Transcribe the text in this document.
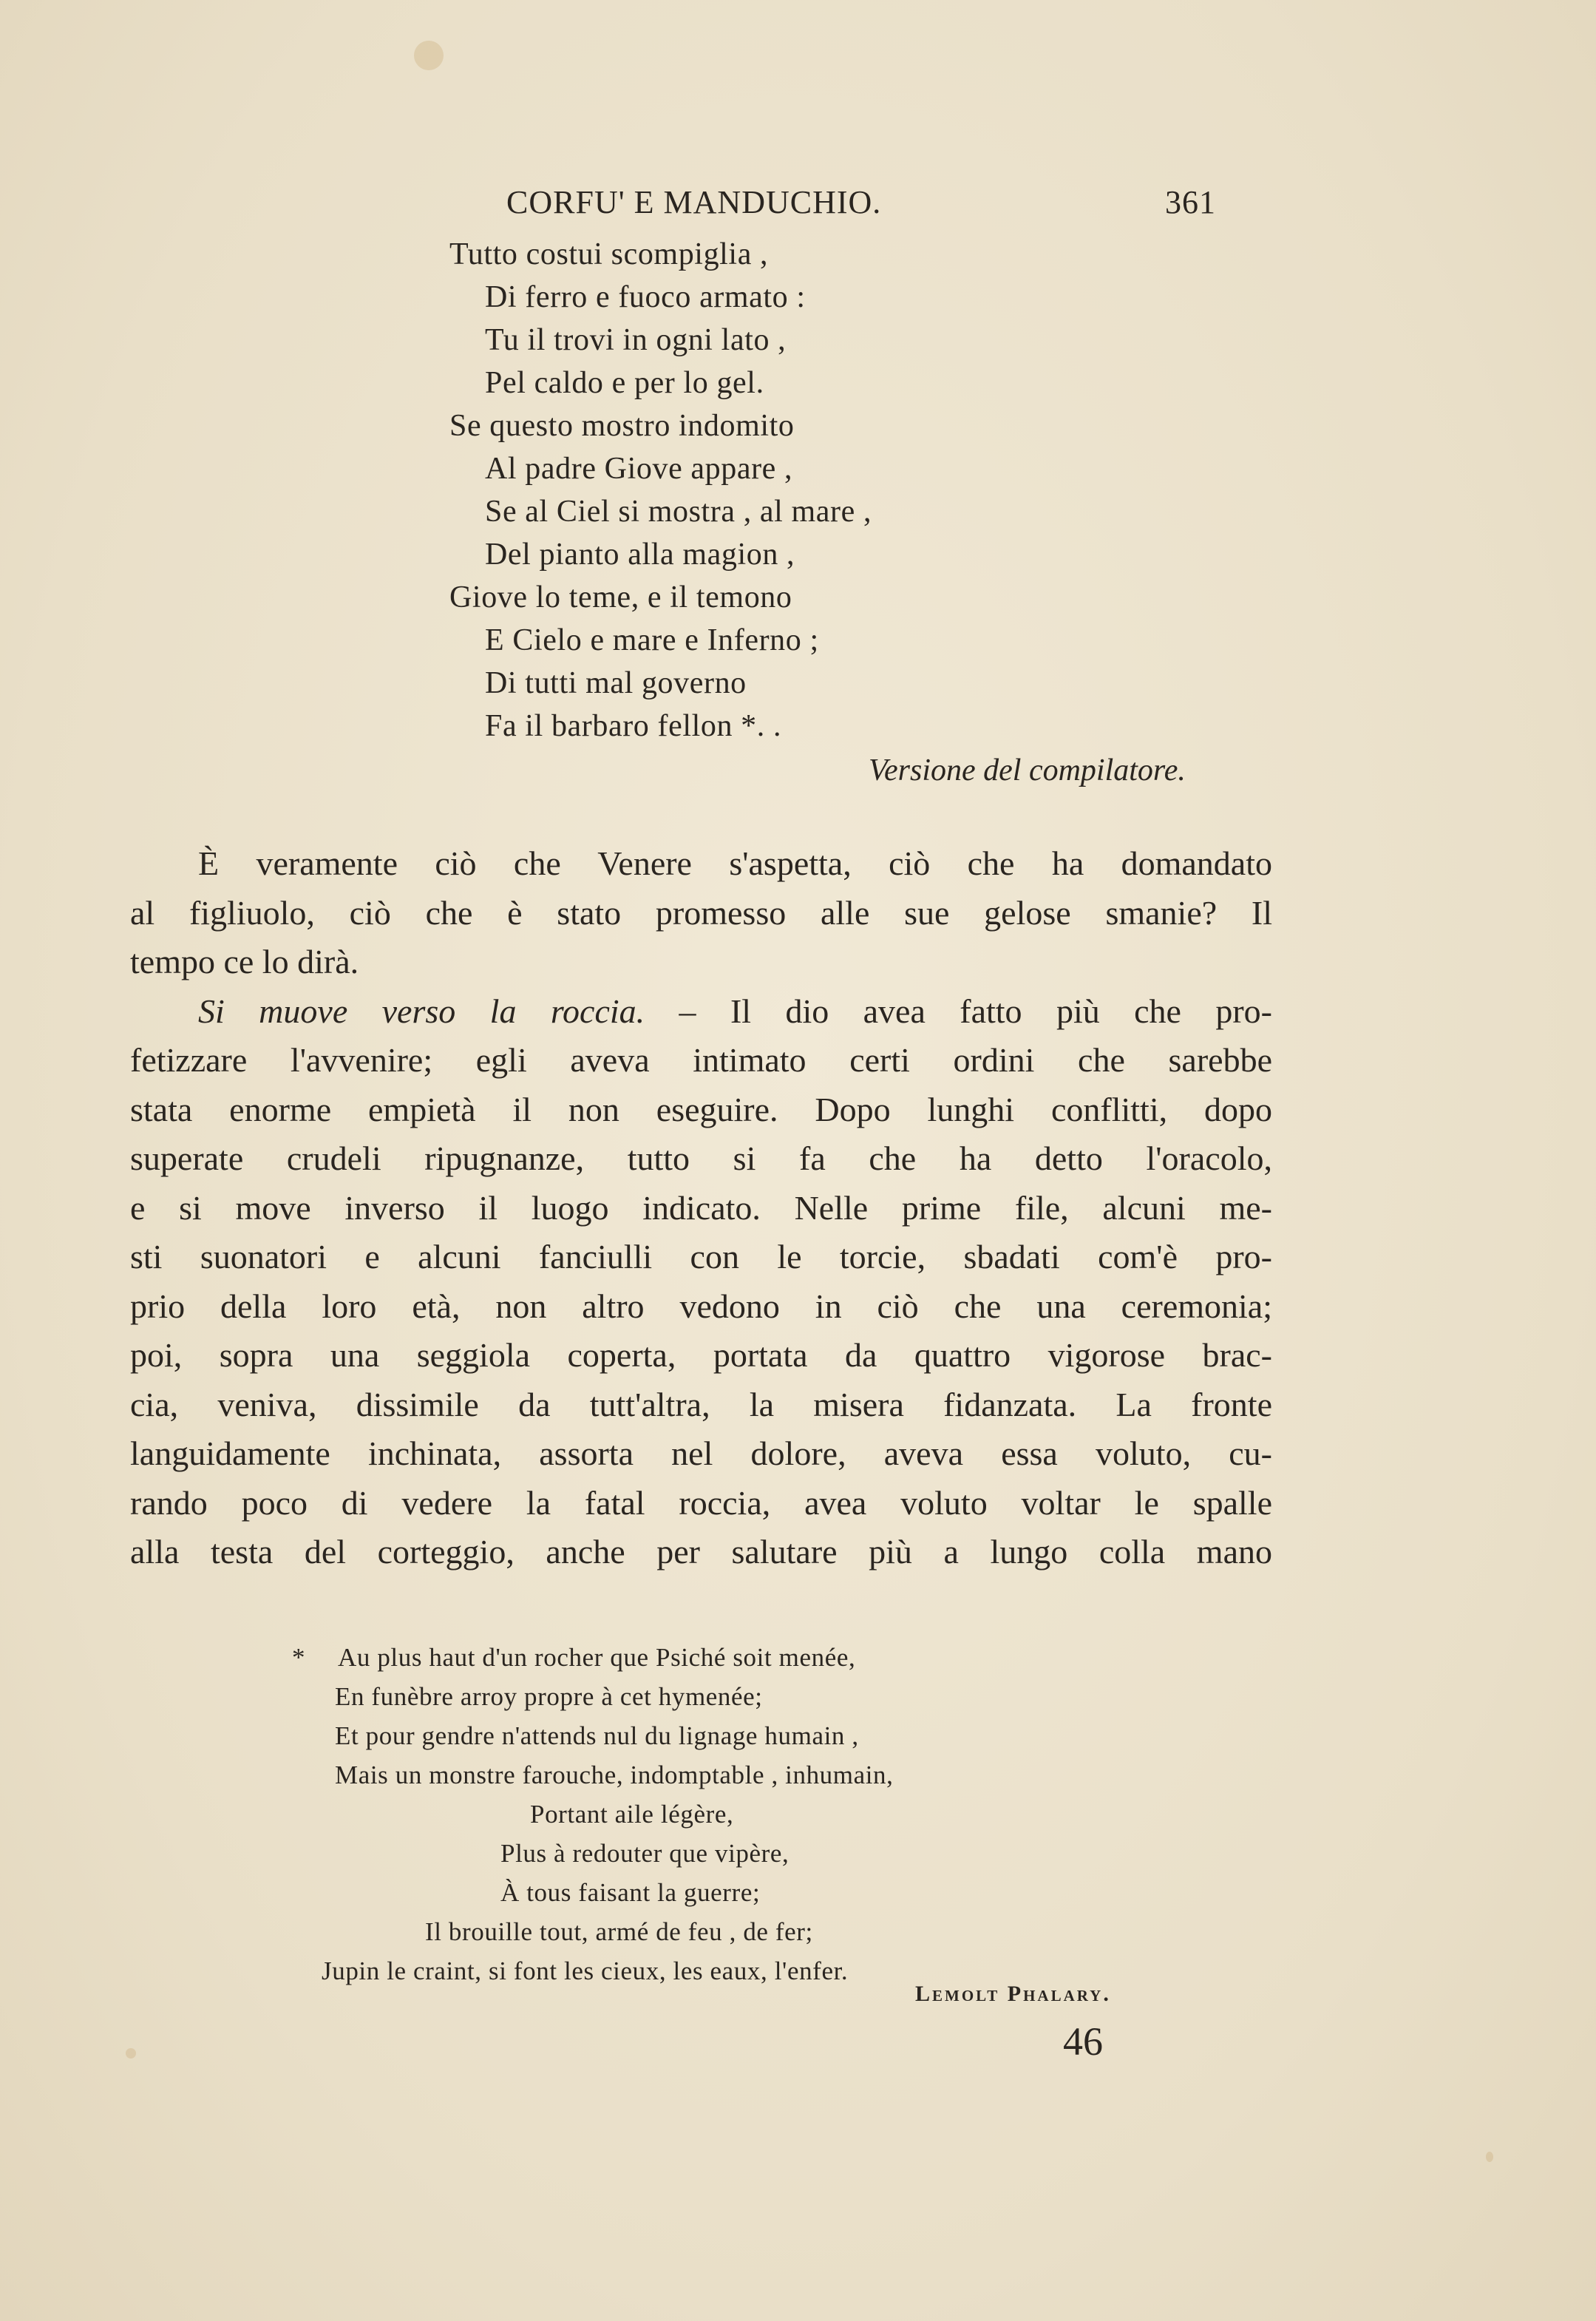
CORFU' E MANDUCHIO.	361
Tutto costui scompiglia ,
Di ferro e fuoco armato :
Tu il trovi in ogni lato ,
Pel caldo e per lo gel.
Se questo mostro indomito
Al padre Giove appare ,
Se al Ciel si mostra , al mare ,
Del pianto alla magion ,
Giove lo teme, e il temono
E Cielo e mare e Inferno ;
Di tutti mal governo
Fa il barbaro fellon *. .
Versione del compilatore.
È veramente ciò che Venere s'aspetta, ciò che ha domandato
al figliuolo, ciò che è stato promesso alle sue gelose smanie? Il
tempo ce lo dirà.
Si muove verso la roccia. – Il dio avea fatto più che pro-
fetizzare l'avvenire; egli aveva intimato certi ordini che sarebbe
stata enorme empietà il non eseguire. Dopo lunghi conflitti, dopo
superate crudeli ripugnanze, tutto si fa che ha detto l'oracolo,
e si move inverso il luogo indicato. Nelle prime file, alcuni me-
sti suonatori e alcuni fanciulli con le torcie, sbadati com'è pro-
prio della loro età, non altro vedono in ciò che una ceremonia;
poi, sopra una seggiola coperta, portata da quattro vigorose brac-
cia, veniva, dissimile da tutt'altra, la misera fidanzata. La fronte
languidamente inchinata, assorta nel dolore, aveva essa voluto, cu-
rando poco di vedere la fatal roccia, avea voluto voltar le spalle
alla testa del corteggio, anche per salutare più a lungo colla mano
* Au plus haut d'un rocher que Psiché soit menée,
En funèbre arroy propre à cet hymenée;
Et pour gendre n'attends nul du lignage humain ,
Mais un monstre farouche, indomptable , inhumain,
Portant aile légère,
Plus à redouter que vipère,
À tous faisant la guerre;
Il brouille tout, armé de feu , de fer;
Jupin le craint, si font les cieux, les eaux, l'enfer.
Lemolt Phalary.
46
